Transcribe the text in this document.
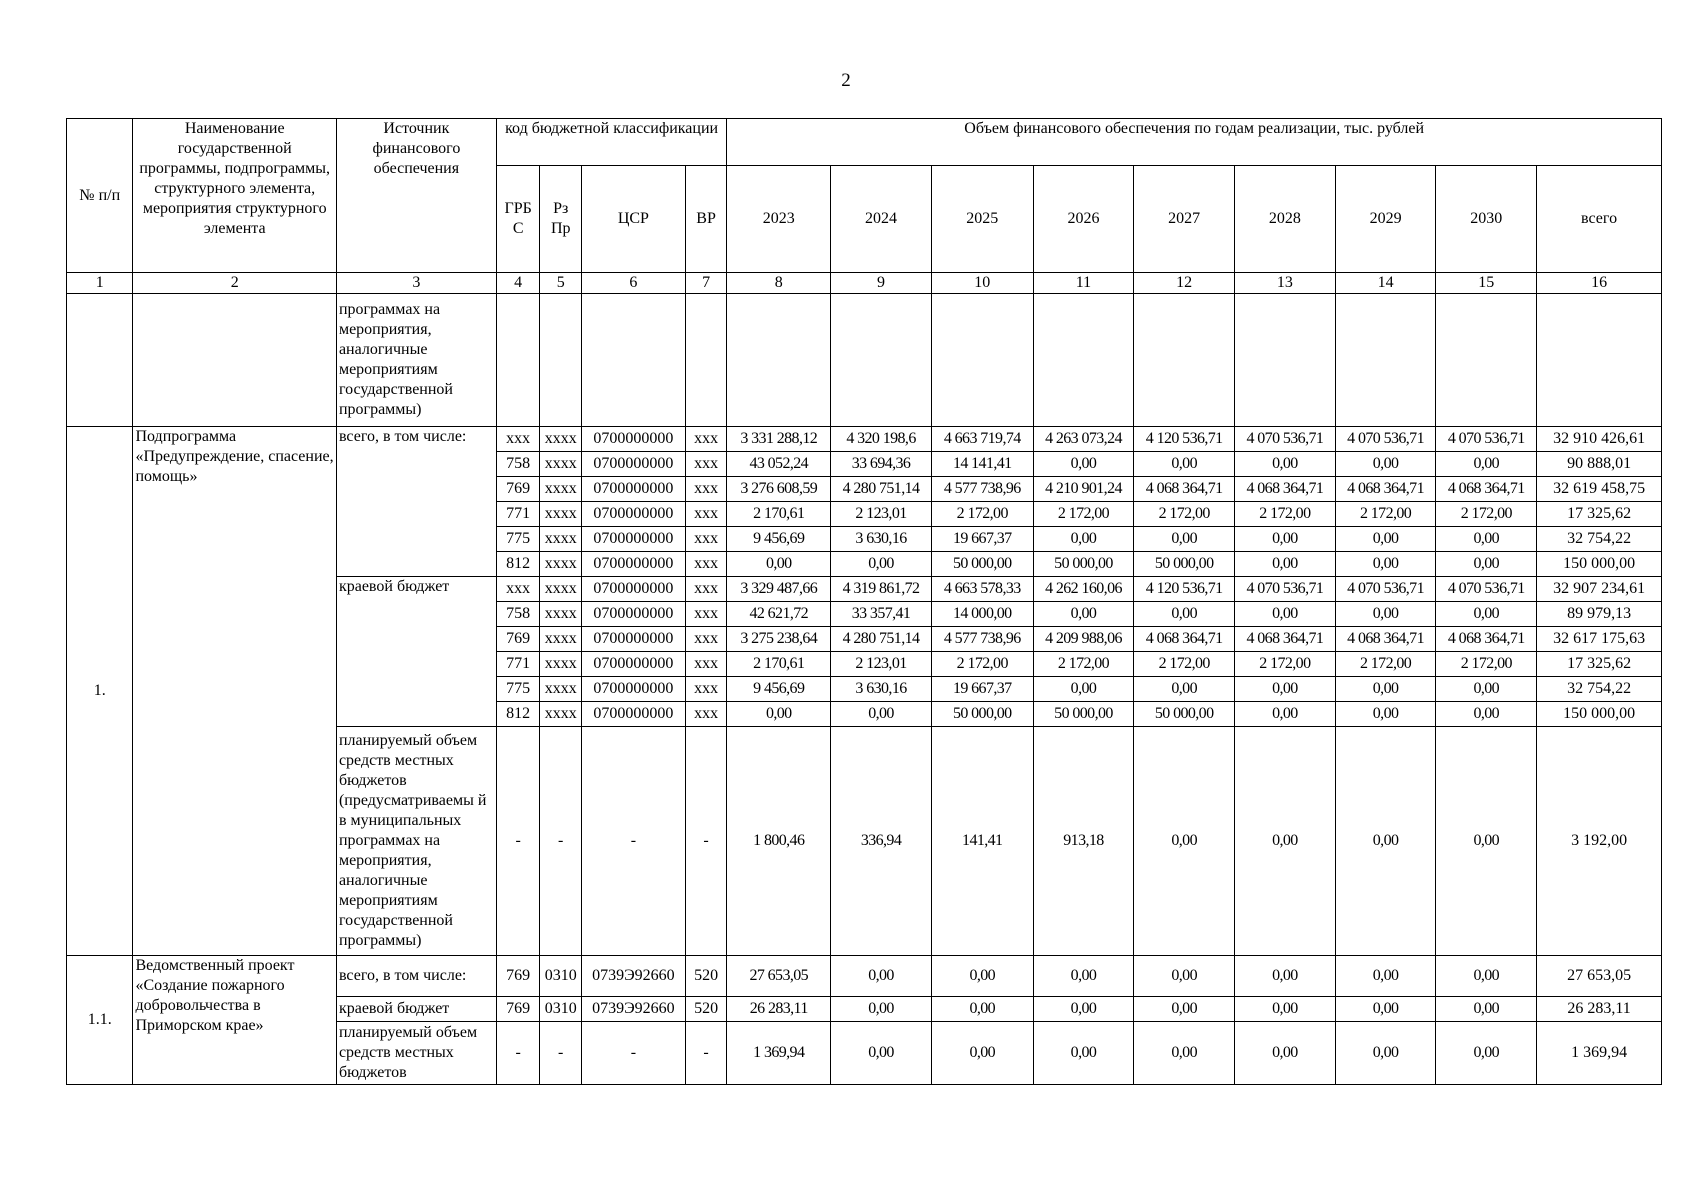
2
№ п/п	Наименование государственной программы, подпрограммы, структурного элемента, мероприятия структурного элемента	Источник финансового обеспечения	код бюджетной классификации				Объем финансового обеспечения по годам реализации, тыс. рублей								
			ГРБ С	Рз Пр	ЦСР	ВР	2023	2024	2025	2026	2027	2028	2029	2030	всего
1	2	3	4	5	6	7	8	9	10	11	12	13	14	15	16
		программах на мероприятия, аналогичные мероприятиям государственной программы)													
1.	Подпрограмма «Предупреждение, спасение, помощь»	всего, в том числе:	xxx	xxxx	0700000000	xxx	3 331 288,12	4 320 198,6	4 663 719,74	4 263 073,24	4 120 536,71	4 070 536,71	4 070 536,71	4 070 536,71	32 910 426,61
			758	xxxx	0700000000	xxx	43 052,24	33 694,36	14 141,41	0,00	0,00	0,00	0,00	0,00	90 888,01
			769	xxxx	0700000000	xxx	3 276 608,59	4 280 751,14	4 577 738,96	4 210 901,24	4 068 364,71	4 068 364,71	4 068 364,71	4 068 364,71	32 619 458,75
			771	xxxx	0700000000	xxx	2 170,61	2 123,01	2 172,00	2 172,00	2 172,00	2 172,00	2 172,00	2 172,00	17 325,62
			775	xxxx	0700000000	xxx	9 456,69	3 630,16	19 667,37	0,00	0,00	0,00	0,00	0,00	32 754,22
			812	xxxx	0700000000	xxx	0,00	0,00	50 000,00	50 000,00	50 000,00	0,00	0,00	0,00	150 000,00
		краевой бюджет	xxx	xxxx	0700000000	xxx	3 329 487,66	4 319 861,72	4 663 578,33	4 262 160,06	4 120 536,71	4 070 536,71	4 070 536,71	4 070 536,71	32 907 234,61
			758	xxxx	0700000000	xxx	42 621,72	33 357,41	14 000,00	0,00	0,00	0,00	0,00	0,00	89 979,13
			769	xxxx	0700000000	xxx	3 275 238,64	4 280 751,14	4 577 738,96	4 209 988,06	4 068 364,71	4 068 364,71	4 068 364,71	4 068 364,71	32 617 175,63
			771	xxxx	0700000000	xxx	2 170,61	2 123,01	2 172,00	2 172,00	2 172,00	2 172,00	2 172,00	2 172,00	17 325,62
			775	xxxx	0700000000	xxx	9 456,69	3 630,16	19 667,37	0,00	0,00	0,00	0,00	0,00	32 754,22
			812	xxxx	0700000000	xxx	0,00	0,00	50 000,00	50 000,00	50 000,00	0,00	0,00	0,00	150 000,00
		планируемый объем средств местных бюджетов (предусматриваемы й в муниципальных программах на мероприятия, аналогичные мероприятиям государственной программы)	-	-	-	-	1 800,46	336,94	141,41	913,18	0,00	0,00	0,00	0,00	3 192,00
1.1.	Ведомственный проект «Создание пожарного добровольчества в Приморском крае»	всего, в том числе:	769	0310	0739Э92660	520	27 653,05	0,00	0,00	0,00	0,00	0,00	0,00	0,00	27 653,05
		краевой бюджет	769	0310	0739Э92660	520	26 283,11	0,00	0,00	0,00	0,00	0,00	0,00	0,00	26 283,11
		планируемый объем средств местных бюджетов	-	-	-	-	1 369,94	0,00	0,00	0,00	0,00	0,00	0,00	0,00	1 369,94
